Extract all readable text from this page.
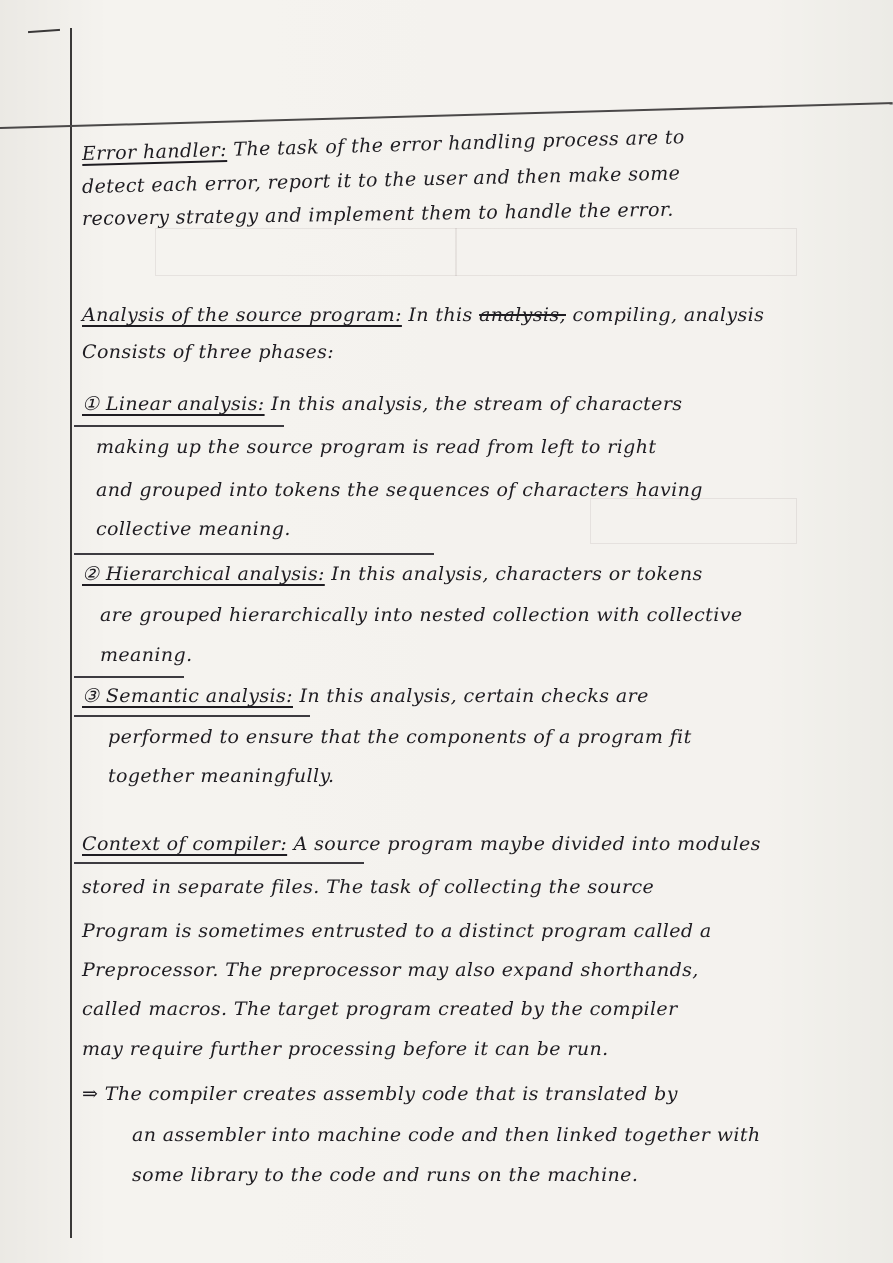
Error handler: The task of the error handling process are to
detect each error, report it to the user and then make some
recovery strategy and implement them to handle the error.
Analysis of the source program: In this analysis, compiling, analysis
Consists of three phases:
① Linear analysis: In this analysis, the stream of characters
making up the source program is read from left to right
and grouped into tokens the sequences of characters having
collective meaning.
② Hierarchical analysis: In this analysis, characters or tokens
are grouped hierarchically into nested collection with collective
meaning.
③ Semantic analysis: In this analysis, certain checks are
performed to ensure that the components of a program fit
together meaningfully.
Context of compiler: A source program maybe divided into modules
stored in separate files. The task of collecting the source
Program is sometimes entrusted to a distinct program called a
Preprocessor. The preprocessor may also expand shorthands,
called macros. The target program created by the compiler
may require further processing before it can be run.
⇒ The compiler creates assembly code that is translated by
an assembler into machine code and then linked together with
some library to the code and runs on the machine.
